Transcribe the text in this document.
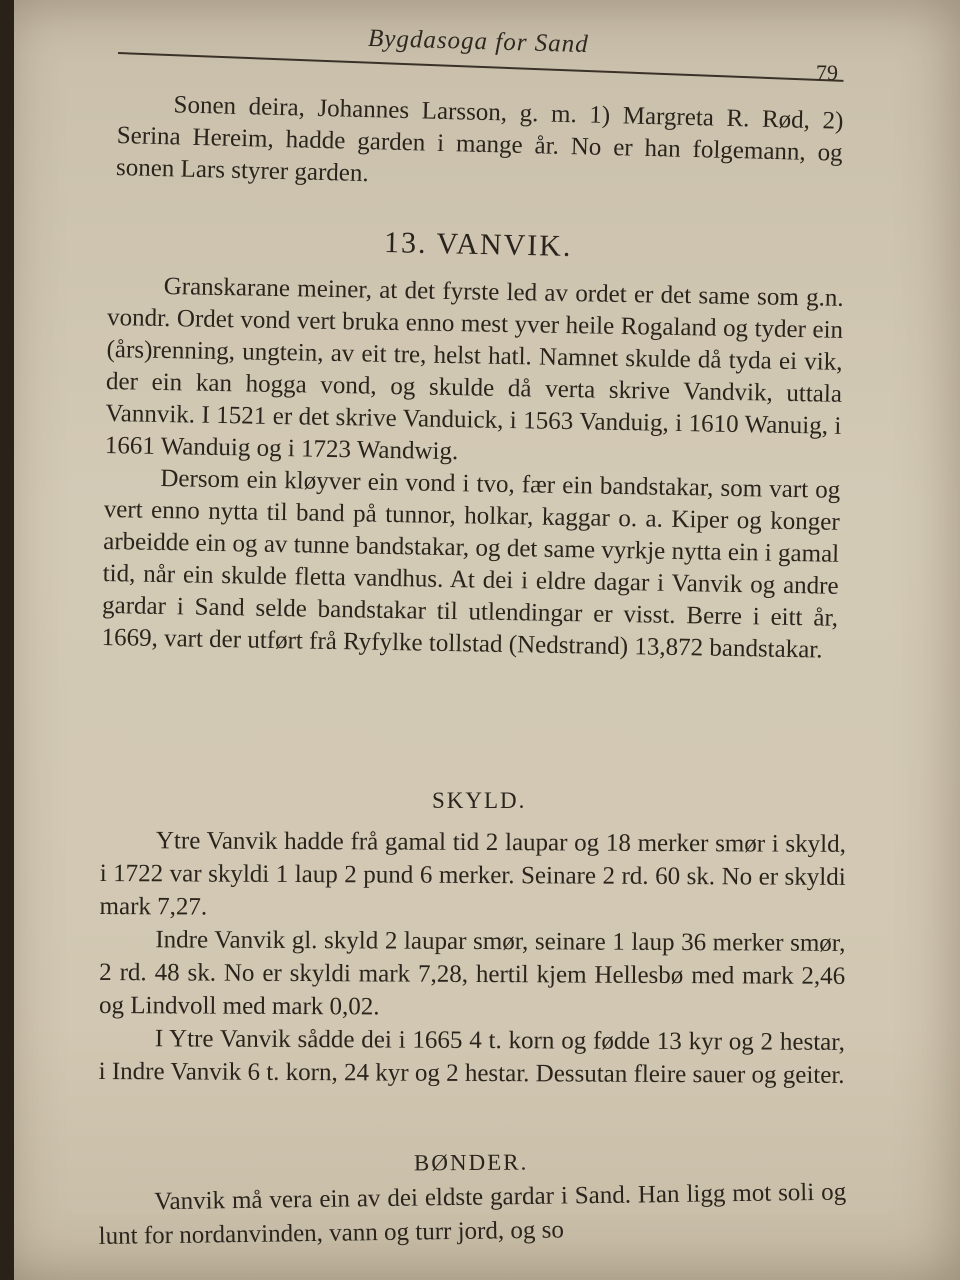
Bygdasoga for Sand
79

Sonen deira, Johannes Larsson, g. m. 1) Margreta R. Rød, 2) Serina Hereim, hadde garden i mange år. No er han folgemann, og sonen Lars styrer garden.

13. VANVIK.

Granskarane meiner, at det fyrste led av ordet er det same som g.n. vondr. Ordet vond vert bruka enno mest yver heile Rogaland og tyder ein (års)renning, ungtein, av eit tre, helst hatl. Namnet skulde då tyda ei vik, der ein kan hogga vond, og skulde då verta skrive Vandvik, uttala Vannvik. I 1521 er det skrive Vanduick, i 1563 Vanduig, i 1610 Wanuig, i 1661 Wanduig og i 1723 Wandwig.

Dersom ein kløyver ein vond i tvo, fær ein bandstakar, som vart og vert enno nytta til band på tunnor, holkar, kaggar o. a. Kiper og konger arbeidde ein og av tunne bandstakar, og det same vyrkje nytta ein i gamal tid, når ein skulde fletta vandhus. At dei i eldre dagar i Vanvik og andre gardar i Sand selde bandstakar til utlendingar er visst. Berre i eitt år, 1669, vart der utført frå Ryfylke tollstad (Nedstrand) 13,872 bandstakar.

SKYLD.

Ytre Vanvik hadde frå gamal tid 2 laupar og 18 merker smør i skyld, i 1722 var skyldi 1 laup 2 pund 6 merker. Seinare 2 rd. 60 sk. No er skyldi mark 7,27.

Indre Vanvik gl. skyld 2 laupar smør, seinare 1 laup 36 merker smør, 2 rd. 48 sk. No er skyldi mark 7,28, hertil kjem Hellesbø med mark 2,46 og Lindvoll med mark 0,02.

I Ytre Vanvik sådde dei i 1665 4 t. korn og fødde 13 kyr og 2 hestar, i Indre Vanvik 6 t. korn, 24 kyr og 2 hestar. Dessutan fleire sauer og geiter.

BØNDER.

Vanvik må vera ein av dei eldste gardar i Sand. Han ligg mot soli og lunt for nordanvinden, vann og turr jord, og so
